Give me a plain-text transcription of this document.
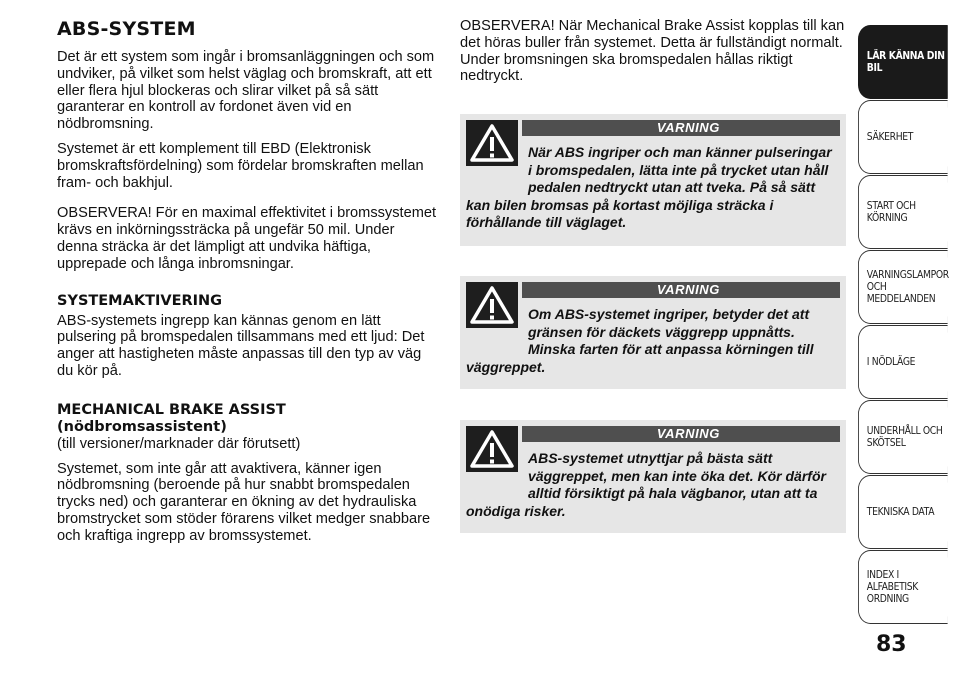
ABS-SYSTEM

Det är ett system som ingår i bromsanläggningen och som undviker, på vilket som helst väglag och bromskraft, att ett eller flera hjul blockeras och slirar vilket på så sätt garanterar en kontroll av fordonet även vid en nödbromsning.

Systemet är ett komplement till EBD (Elektronisk bromskraftsfördelning) som fördelar bromskraften mellan fram- och bakhjul.

OBSERVERA! För en maximal effektivitet i bromssystemet krävs en inkörningssträcka på ungefär 50 mil. Under denna sträcka är det lämpligt att undvika häftiga, upprepade och långa inbromsningar.

SYSTEMAKTIVERING

ABS-systemets ingrepp kan kännas genom en lätt pulsering på bromspedalen tillsammans med ett ljud: Det anger att hastigheten måste anpassas till den typ av väg du kör på.

MECHANICAL BRAKE ASSIST
(nödbromsassistent)

(till versioner/marknader där förutsett)

Systemet, som inte går att avaktivera, känner igen nödbromsning (beroende på hur snabbt bromspedalen trycks ned) och garanterar en ökning av det hydrauliska bromstrycket som stöder förarens vilket medger snabbare och kraftiga ingrepp av bromssystemet.

OBSERVERA! När Mechanical Brake Assist kopplas till kan det höras buller från systemet. Detta är fullständigt normalt. Under bromsningen ska bromspedalen hållas riktigt nedtryckt.

VARNING
När ABS ingriper och man känner pulseringar i bromspedalen, lätta inte på trycket utan håll pedalen nedtryckt utan att tveka. På så sätt kan bilen bromsas på kortast möjliga sträcka i förhållande till väglaget.
VARNING
Om ABS-systemet ingriper, betyder det att gränsen för däckets väggrepp uppnåtts. Minska farten för att anpassa körningen till väggreppet.
VARNING
ABS-systemet utnyttjar på bästa sätt väggreppet, men kan inte öka det. Kör därför alltid försiktigt på hala vägbanor, utan att ta onödiga risker.
LÄR KÄNNA DIN
BIL
SÄKERHET
START OCH
KÖRNING
VARNINGSLAMPOR
OCH
MEDDELANDEN
I NÖDLÄGE
UNDERHÅLL OCH
SKÖTSEL
TEKNISKA DATA
INDEX I ALFABETISK
ORDNING
83
